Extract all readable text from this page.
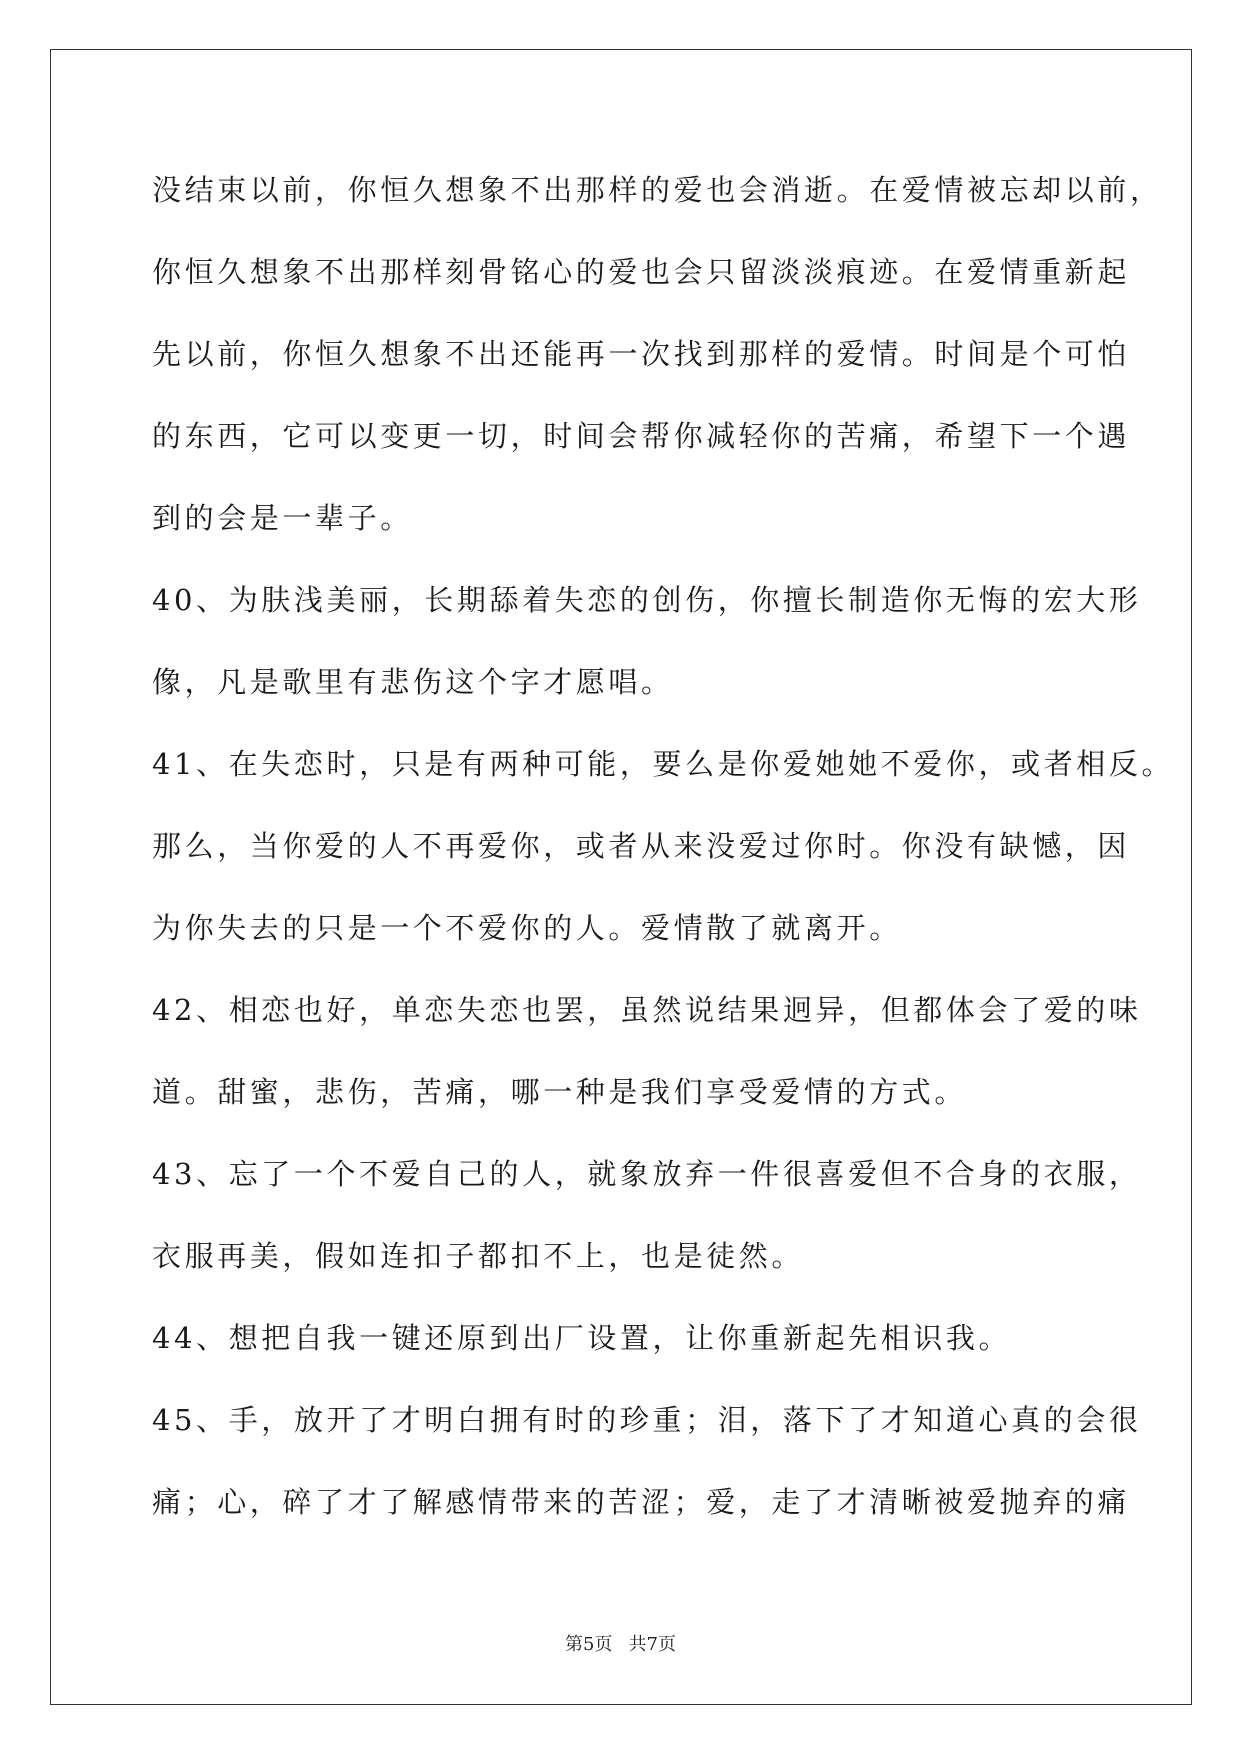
没结束以前，你恒久想象不出那样的爱也会消逝。在爱情被忘却以前，
你恒久想象不出那样刻骨铭心的爱也会只留淡淡痕迹。在爱情重新起
先以前，你恒久想象不出还能再一次找到那样的爱情。时间是个可怕
的东西，它可以变更一切，时间会帮你减轻你的苦痛，希望下一个遇
到的会是一辈子。
40、为肤浅美丽，长期舔着失恋的创伤，你擅长制造你无悔的宏大形
像，凡是歌里有悲伤这个字才愿唱。
41、在失恋时，只是有两种可能，要么是你爱她她不爱你，或者相反。
那么，当你爱的人不再爱你，或者从来没爱过你时。你没有缺憾，因
为你失去的只是一个不爱你的人。爱情散了就离开。
42、相恋也好，单恋失恋也罢，虽然说结果迥异，但都体会了爱的味
道。甜蜜，悲伤，苦痛，哪一种是我们享受爱情的方式。
43、忘了一个不爱自己的人，就象放弃一件很喜爱但不合身的衣服，
衣服再美，假如连扣子都扣不上，也是徒然。
44、想把自我一键还原到出厂设置，让你重新起先相识我。
45、手，放开了才明白拥有时的珍重；泪，落下了才知道心真的会很
痛；心，碎了才了解感情带来的苦涩；爱，走了才清晰被爱抛弃的痛
第5页 共7页
